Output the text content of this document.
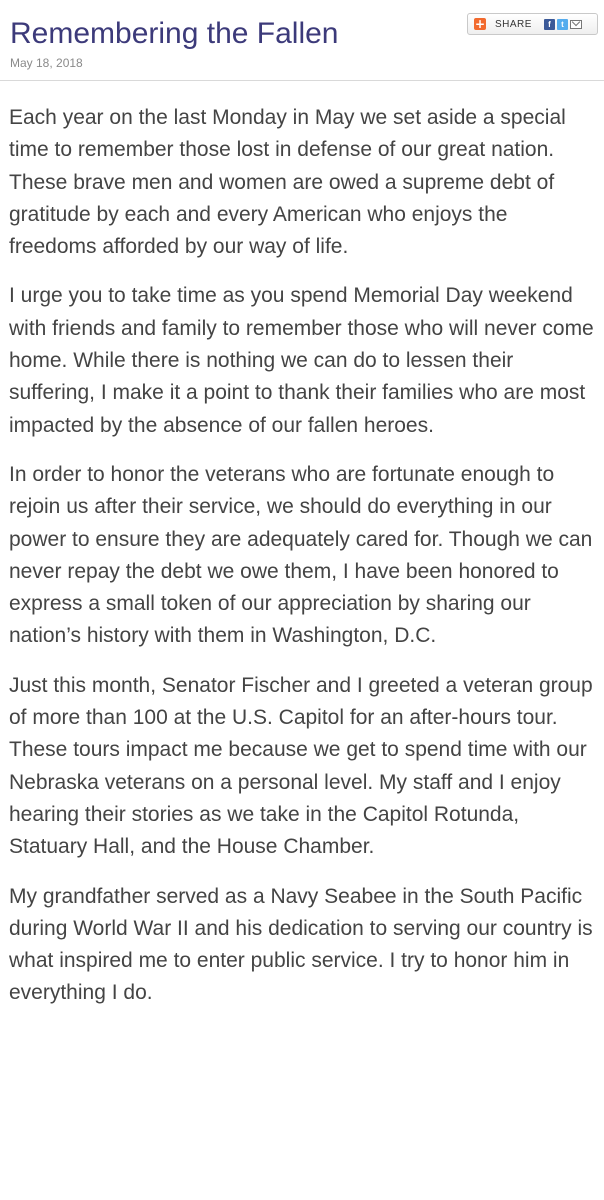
Remembering the Fallen	+ SHARE	f	t
May 18, 2018

Each year on the last Monday in May we set aside a special time to remember those lost in defense of our great nation. These brave men and women are owed a supreme debt of gratitude by each and every American who enjoys the freedoms afforded by our way of life.

I urge you to take time as you spend Memorial Day weekend with friends and family to remember those who will never come home. While there is nothing we can do to lessen their suffering, I make it a point to thank their families who are most impacted by the absence of our fallen heroes.

In order to honor the veterans who are fortunate enough to rejoin us after their service, we should do everything in our power to ensure they are adequately cared for. Though we can never repay the debt we owe them, I have been honored to express a small token of our appreciation by sharing our nation’s history with them in Washington, D.C.

Just this month, Senator Fischer and I greeted a veteran group of more than 100 at the U.S. Capitol for an after-hours tour. These tours impact me because we get to spend time with our Nebraska veterans on a personal level. My staff and I enjoy hearing their stories as we take in the Capitol Rotunda, Statuary Hall, and the House Chamber.

My grandfather served as a Navy Seabee in the South Pacific during World War II and his dedication to serving our country is what inspired me to enter public service. I try to honor him in everything I do.
